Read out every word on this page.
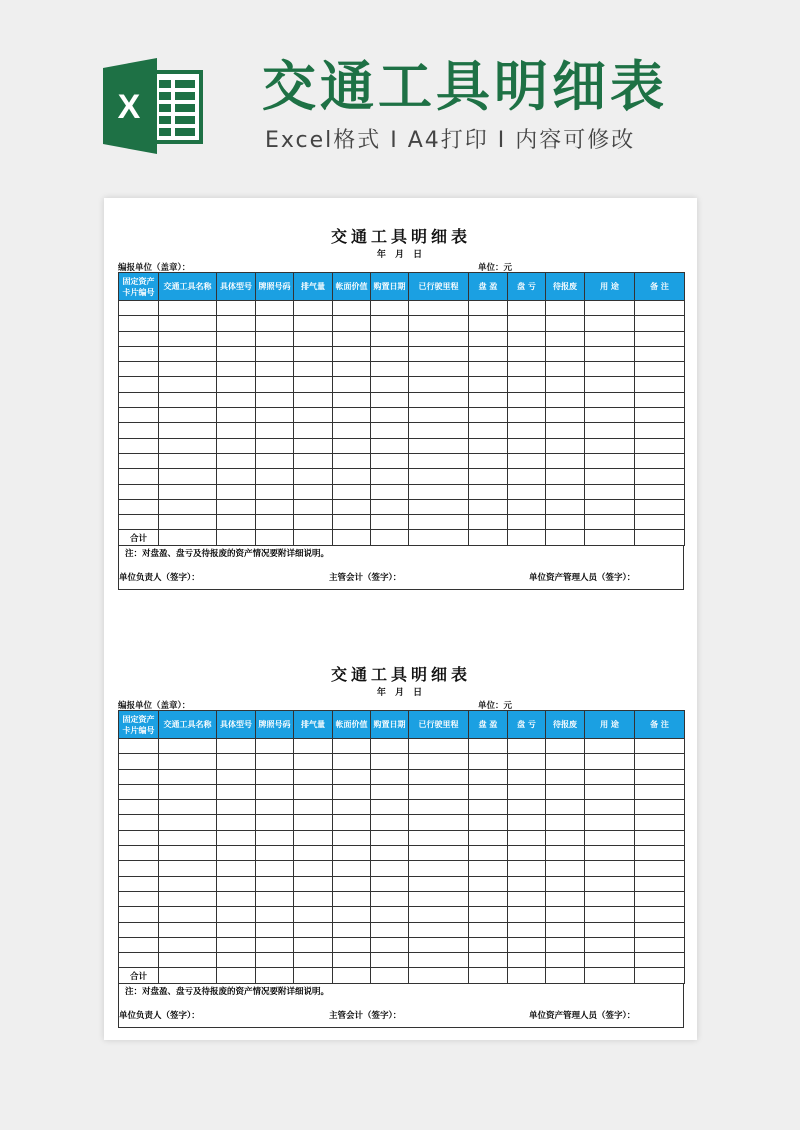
X 交通工具明细表
Excel格式 I A4打印 I 内容可修改
交通工具明细表
年 月 日
编报单位（盖章）：	单位：元
固定资产卡片编号	交通工具名称	具体型号	牌照号码	排气量	帐面价值	购置日期	已行驶里程	盘 盈	盘 亏	待报废	用 途	备 注

合计												
注：对盘盈、盘亏及待报废的资产情况要附详细说明。
单位负责人（签字）：	主管会计（签字）：	单位资产管理人员（签字）：
交通工具明细表
年 月 日
编报单位（盖章）：	单位：元
固定资产卡片编号	交通工具名称	具体型号	牌照号码	排气量	帐面价值	购置日期	已行驶里程	盘 盈	盘 亏	待报废	用 途	备 注

合计												
注：对盘盈、盘亏及待报废的资产情况要附详细说明。
单位负责人（签字）：	主管会计（签字）：	单位资产管理人员（签字）：
